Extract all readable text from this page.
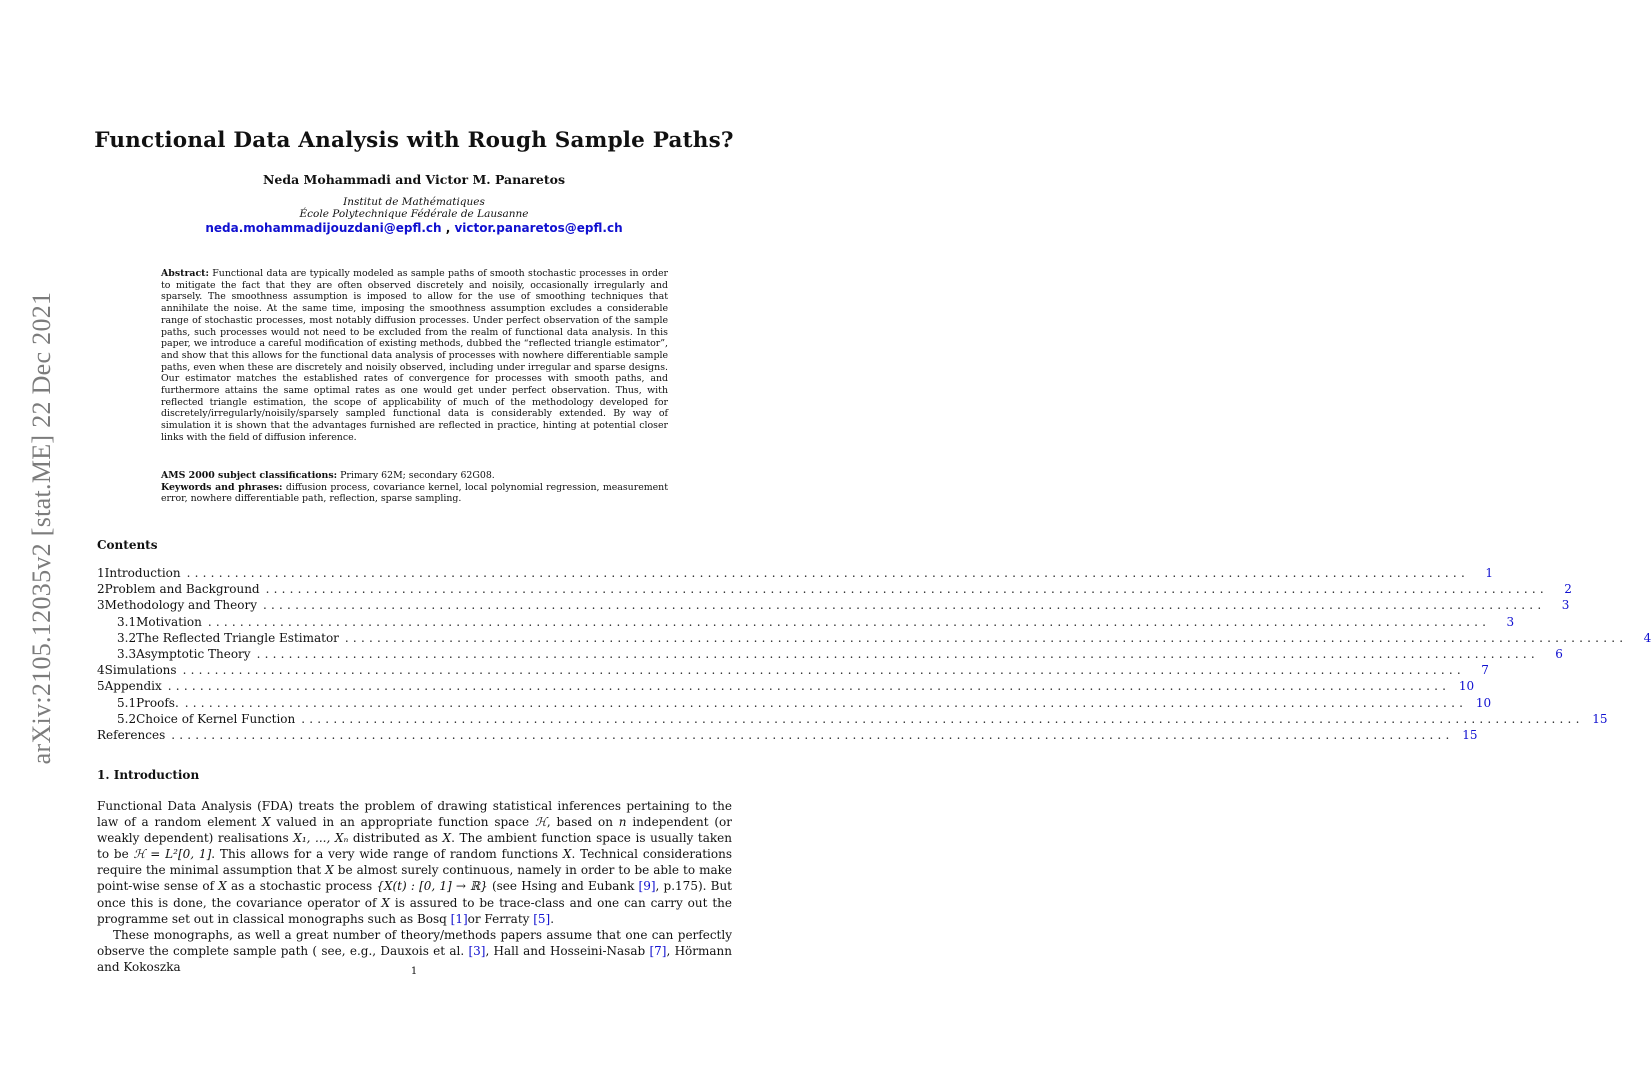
arXiv:2105.12035v2 [stat.ME] 22 Dec 2021
Functional Data Analysis with Rough Sample Paths?
Neda Mohammadi and Victor M. Panaretos
Institut de Mathématiques
École Polytechnique Fédérale de Lausanne
neda.mohammadijouzdani@epfl.ch , victor.panaretos@epfl.ch
Abstract: Functional data are typically modeled as sample paths of smooth stochastic processes in order to mitigate the fact that they are often observed discretely and noisily, occasionally irregularly and sparsely. The smoothness assumption is imposed to allow for the use of smoothing techniques that annihilate the noise. At the same time, imposing the smoothness assumption excludes a considerable range of stochastic processes, most notably diffusion processes. Under perfect observation of the sample paths, such processes would not need to be excluded from the realm of functional data analysis. In this paper, we introduce a careful modification of existing methods, dubbed the “reflected triangle estimator”, and show that this allows for the functional data analysis of processes with nowhere differentiable sample paths, even when these are discretely and noisily observed, including under irregular and sparse designs. Our estimator matches the established rates of convergence for processes with smooth paths, and furthermore attains the same optimal rates as one would get under perfect observation. Thus, with reflected triangle estimation, the scope of applicability of much of the methodology developed for discretely/irregularly/noisily/sparsely sampled functional data is considerably extended. By way of simulation it is shown that the advantages furnished are reflected in practice, hinting at potential closer links with the field of diffusion inference.
AMS 2000 subject classifications: Primary 62M; secondary 62G08.
Keywords and phrases: diffusion process, covariance kernel, local polynomial regression, measurement error, nowhere differentiable path, reflection, sparse sampling.
Contents
1 Introduction ................................................................................................................................................................	1
2 Problem and Background ................................................................................................................................................................	2
3 Methodology and Theory ................................................................................................................................................................	3
3.1 Motivation ................................................................................................................................................................	3
3.2 The Reflected Triangle Estimator ................................................................................................................................................................	4
3.3 Asymptotic Theory ................................................................................................................................................................	6
4 Simulations ................................................................................................................................................................	7
5 Appendix ................................................................................................................................................................ 10
5.1 Proofs. ................................................................................................................................................................ 10
5.2 Choice of Kernel Function ................................................................................................................................................................ 15
References ................................................................................................................................................................ 15
1. Introduction

Functional Data Analysis (FDA) treats the problem of drawing statistical inferences pertaining to the law of a random element X valued in an appropriate function space ℋ, based on n independent (or weakly dependent) realisations X₁, ..., Xₙ distributed as X. The ambient function space is usually taken to be ℋ = L²[0, 1]. This allows for a very wide range of random functions X. Technical considerations require the minimal assumption that X be almost surely continuous, namely in order to be able to make point-wise sense of X as a stochastic process {X(t) : [0, 1] → ℝ} (see Hsing and Eubank [9], p.175). But once this is done, the covariance operator of X is assured to be trace-class and one can carry out the programme set out in classical monographs such as Bosq [1]or Ferraty [5].

These monographs, as well a great number of theory/methods papers assume that one can perfectly observe the complete sample path ( see, e.g., Dauxois et al. [3], Hall and Hosseini-Nasab [7], Hörmann and Kokoszka	1
